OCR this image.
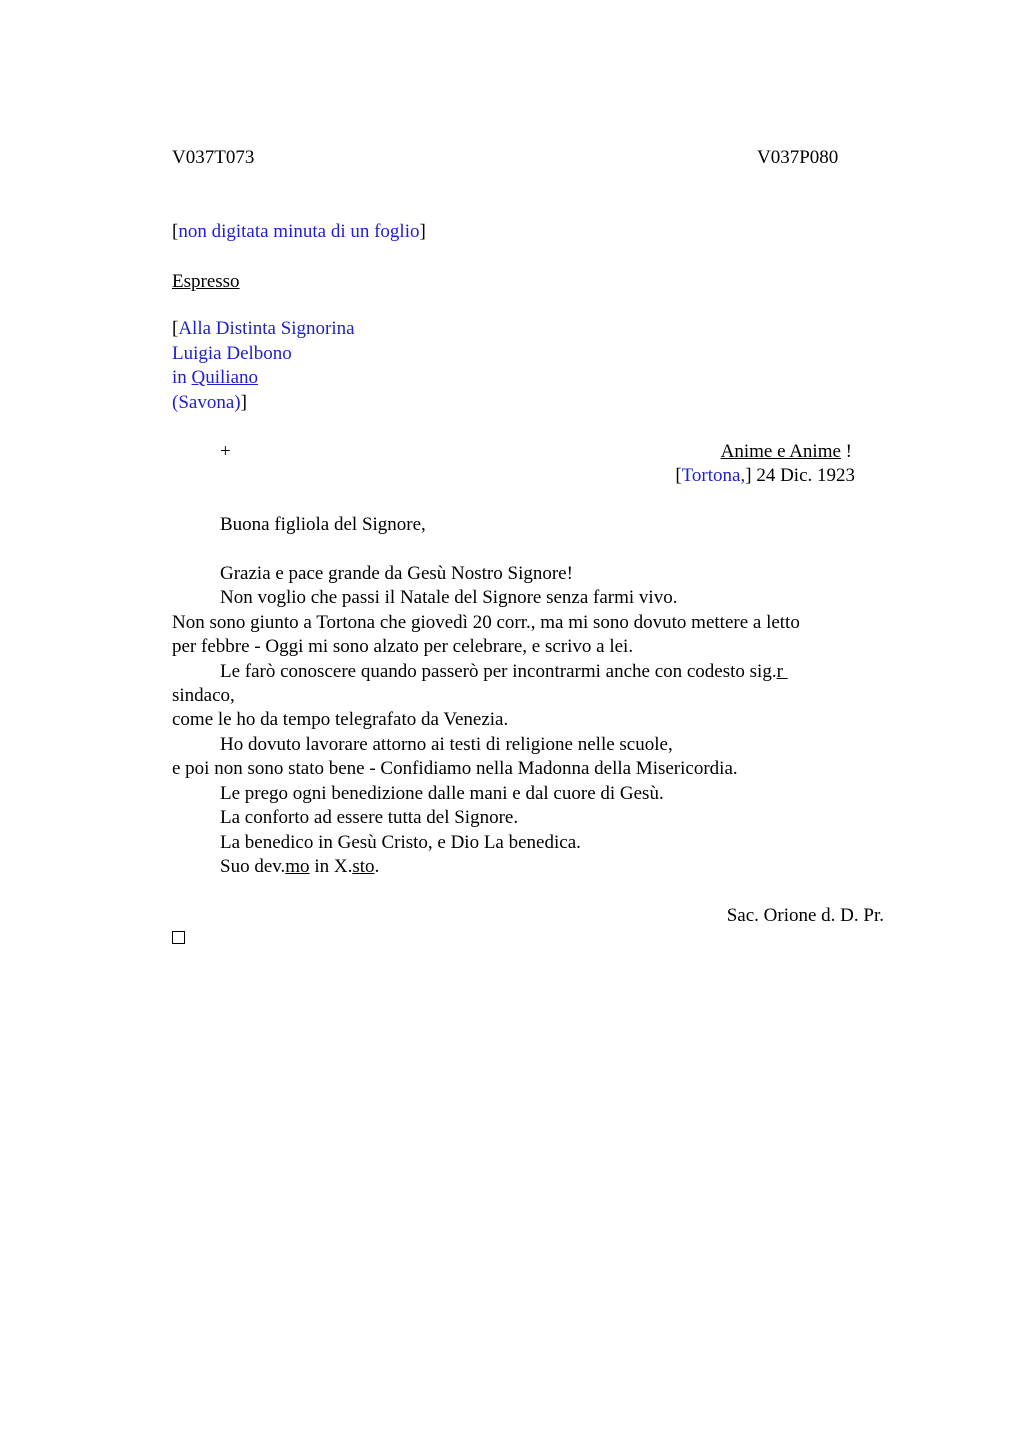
V037T073	V037P080
[non digitata minuta di un foglio]
Espresso
[Alla Distinta Signorina
Luigia Delbono
in Quiliano
(Savona)]
+	Anime e Anime !
[Tortona,] 24 Dic. 1923
Buona figliola del Signore,
Grazia e pace grande da Gesù Nostro Signore!
Non voglio che passi il Natale del Signore senza farmi vivo.
Non sono giunto a Tortona che giovedì 20 corr., ma mi sono dovuto mettere a letto
per febbre - Oggi mi sono alzato per celebrare, e scrivo a lei.
Le farò conoscere quando passerò per incontrarmi anche con codesto sig.r
sindaco,
come le ho da tempo telegrafato da Venezia.
Ho dovuto lavorare attorno ai testi di religione nelle scuole,
e poi non sono stato bene - Confidiamo nella Madonna della Misericordia.
Le prego ogni benedizione dalle mani e dal cuore di Gesù.
La conforto ad essere tutta del Signore.
La benedico in Gesù Cristo, e Dio La benedica.
Suo dev.mo in X.sto.
Sac. Orione d. D. Pr.
